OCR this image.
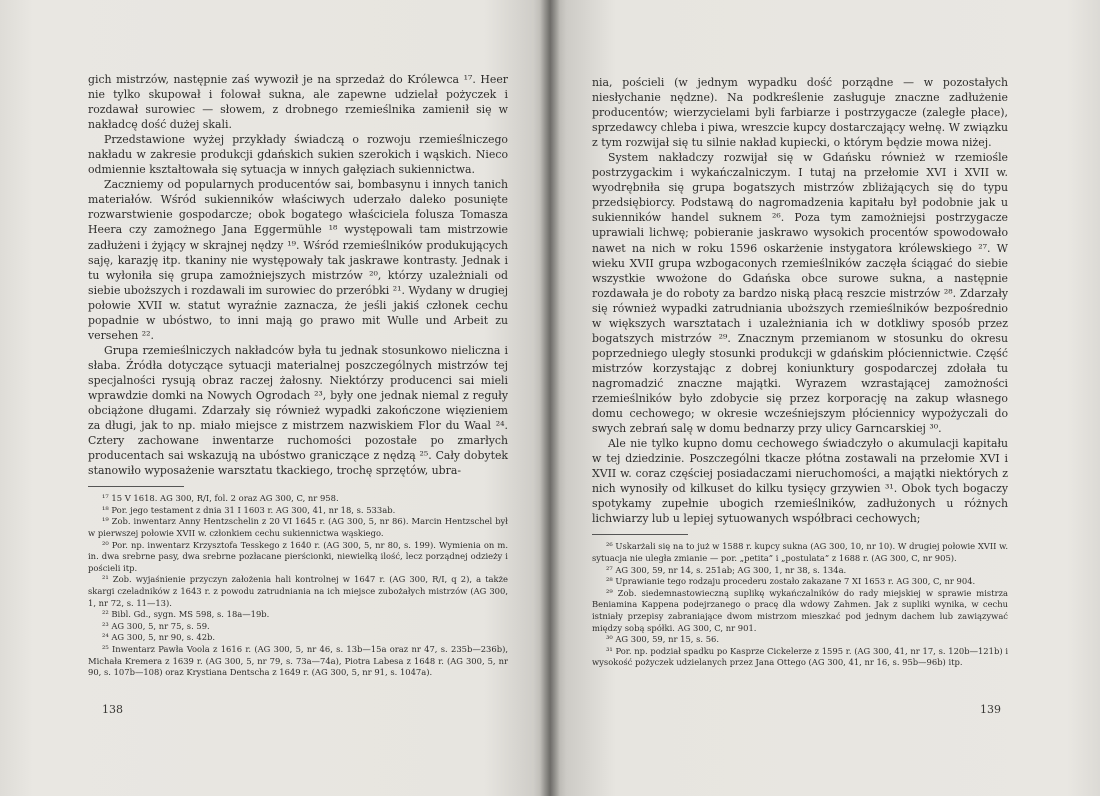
gich mistrzów, następnie zaś wywoził je na sprzedaż do Królewca ¹⁷. Heer nie tylko skupował i folował sukna, ale zapewne udzielał pożyczek i rozdawał surowiec — słowem, z drobnego rzemieślnika zamienił się w nakładcę dość dużej skali.

Przedstawione wyżej przykłady świadczą o rozwoju rzemieślniczego nakładu w zakresie produkcji gdańskich sukien szerokich i wąskich. Nieco odmiennie kształtowała się sytuacja w innych gałęziach sukiennictwa.

Zaczniemy od popularnych producentów sai, bombasynu i innych tanich materiałów. Wśród sukienników właściwych uderzało daleko posunięte rozwarstwienie gospodarcze; obok bogatego właściciela folusza Tomasza Heera czy zamożnego Jana Eggermühle ¹⁸ występowali tam mistrzowie zadłużeni i żyjący w skrajnej nędzy ¹⁹. Wśród rzemieślników produkujących saję, karazję itp. tkaniny nie występowały tak jaskrawe kontrasty. Jednak i tu wyłoniła się grupa zamożniejszych mistrzów ²⁰, którzy uzależniali od siebie uboższych i rozdawali im surowiec do przeróbki ²¹. Wydany w drugiej połowie XVII w. statut wyraźnie zaznacza, że jeśli jakiś członek cechu popadnie w ubóstwo, to inni mają go prawo mit Wulle und Arbeit zu versehen ²².

Grupa rzemieślniczych nakładców była tu jednak stosunkowo nieliczna i słaba. Źródła dotyczące sytuacji materialnej poszczególnych mistrzów tej specjalności rysują obraz raczej żałosny. Niektórzy producenci sai mieli wprawdzie domki na Nowych Ogrodach ²³, były one jednak niemal z reguły obciążone długami. Zdarzały się również wypadki zakończone więzieniem za długi, jak to np. miało miejsce z mistrzem nazwiskiem Flor du Waal ²⁴. Cztery zachowane inwentarze ruchomości pozostałe po zmarłych producentach sai wskazują na ubóstwo graniczące z nędzą ²⁵. Cały dobytek stanowiło wyposażenie warsztatu tkackiego, trochę sprzętów, ubra-

¹⁷ 15 V 1618. AG 300, R/I, fol. 2 oraz AG 300, C, nr 958.

¹⁸ Por. jego testament z dnia 31 I 1603 r. AG 300, 41, nr 18, s. 533ab.

¹⁹ Zob. inwentarz Anny Hentzschelin z 20 VI 1645 r. (AG 300, 5, nr 86). Marcin Hentzschel był w pierwszej połowie XVII w. członkiem cechu sukiennictwa wąskiego.

²⁰ Por. np. inwentarz Krzysztofa Tesskego z 1640 r. (AG 300, 5, nr 80, s. 199). Wymienia on m. in. dwa srebrne pasy, dwa srebrne pozłacane pierścionki, niewielką ilość, lecz porządnej odzieży i pościeli itp.

²¹ Zob. wyjaśnienie przyczyn założenia hali kontrolnej w 1647 r. (AG 300, R/I, q 2), a także skargi czeladników z 1643 r. z powodu zatrudniania na ich miejsce zubożałych mistrzów (AG 300, 1, nr 72, s. 11—13).

²² Bibl. Gd., sygn. MS 598, s. 18a—19b.

²³ AG 300, 5, nr 75, s. 59.

²⁴ AG 300, 5, nr 90, s. 42b.

²⁵ Inwentarz Pawła Voola z 1616 r. (AG 300, 5, nr 46, s. 13b—15a oraz nr 47, s. 235b—236b), Michała Kremera z 1639 r. (AG 300, 5, nr 79, s. 73a—74a), Piotra Labesa z 1648 r. (AG 300, 5, nr 90, s. 107b—108) oraz Krystiana Dentscha z 1649 r. (AG 300, 5, nr 91, s. 1047a).

138

nia, pościeli (w jednym wypadku dość porządne — w pozostałych niesłychanie nędzne). Na podkreślenie zasługuje znaczne zadłużenie producentów; wierzycielami byli farbiarze i postrzygacze (zaległe płace), sprzedawcy chleba i piwa, wreszcie kupcy dostarczający wełnę. W związku z tym rozwijał się tu silnie nakład kupiecki, o którym będzie mowa niżej.

System nakładczy rozwijał się w Gdańsku również w rzemiośle postrzygackim i wykańczalniczym. I tutaj na przełomie XVI i XVII w. wyodrębniła się grupa bogatszych mistrzów zbliżających się do typu przedsiębiorcy. Podstawą do nagromadzenia kapitału był podobnie jak u sukienników handel suknem ²⁶. Poza tym zamożniejsi postrzygacze uprawiali lichwę; pobieranie jaskrawo wysokich procentów spowodowało nawet na nich w roku 1596 oskarżenie instygatora królewskiego ²⁷. W wieku XVII grupa wzbogaconych rzemieślników zaczęła ściągać do siebie wszystkie wwożone do Gdańska obce surowe sukna, a następnie rozdawała je do roboty za bardzo niską płacą reszcie mistrzów ²⁸. Zdarzały się również wypadki zatrudniania uboższych rzemieślników bezpośrednio w większych warsztatach i uzależniania ich w dotkliwy sposób przez bogatszych mistrzów ²⁹. Znacznym przemianom w stosunku do okresu poprzedniego uległy stosunki produkcji w gdańskim płóciennictwie. Część mistrzów korzystając z dobrej koniunktury gospodarczej zdołała tu nagromadzić znaczne majątki. Wyrazem wzrastającej zamożności rzemieślników było zdobycie się przez korporację na zakup własnego domu cechowego; w okresie wcześniejszym płóciennicy wypożyczali do swych zebrań salę w domu bednarzy przy ulicy Garncarskiej ³⁰.

Ale nie tylko kupno domu cechowego świadczyło o akumulacji kapitału w tej dziedzinie. Poszczególni tkacze płótna zostawali na przełomie XVI i XVII w. coraz częściej posiadaczami nieruchomości, a majątki niektórych z nich wynosiły od kilkuset do kilku tysięcy grzywien ³¹. Obok tych bogaczy spotykamy zupełnie ubogich rzemieślników, zadłużonych u różnych lichwiarzy lub u lepiej sytuowanych współbraci cechowych;

²⁶ Uskarżali się na to już w 1588 r. kupcy sukna (AG 300, 10, nr 10). W drugiej połowie XVII w. sytuacja nie uległa zmianie — por. „petita” i „postulata” z 1688 r. (AG 300, C, nr 905).

²⁷ AG 300, 59, nr 14, s. 251ab; AG 300, 1, nr 38, s. 134a.

²⁸ Uprawianie tego rodzaju procederu zostało zakazane 7 XI 1653 r. AG 300, C, nr 904.

²⁹ Zob. siedemnastowieczną suplikę wykańczalników do rady miejskiej w sprawie mistrza Beniamina Kappena podejrzanego o pracę dla wdowy Zahmen. Jak z supliki wynika, w cechu istniały przepisy zabraniające dwom mistrzom mieszkać pod jednym dachem lub zawiązywać między sobą spółki. AG 300, C, nr 901.

³⁰ AG 300, 59, nr 15, s. 56.

³¹ Por. np. podział spadku po Kasprze Cickelerze z 1595 r. (AG 300, 41, nr 17, s. 120b—121b) i wysokość pożyczek udzielanych przez Jana Ottego (AG 300, 41, nr 16, s. 95b—96b) itp.

139
